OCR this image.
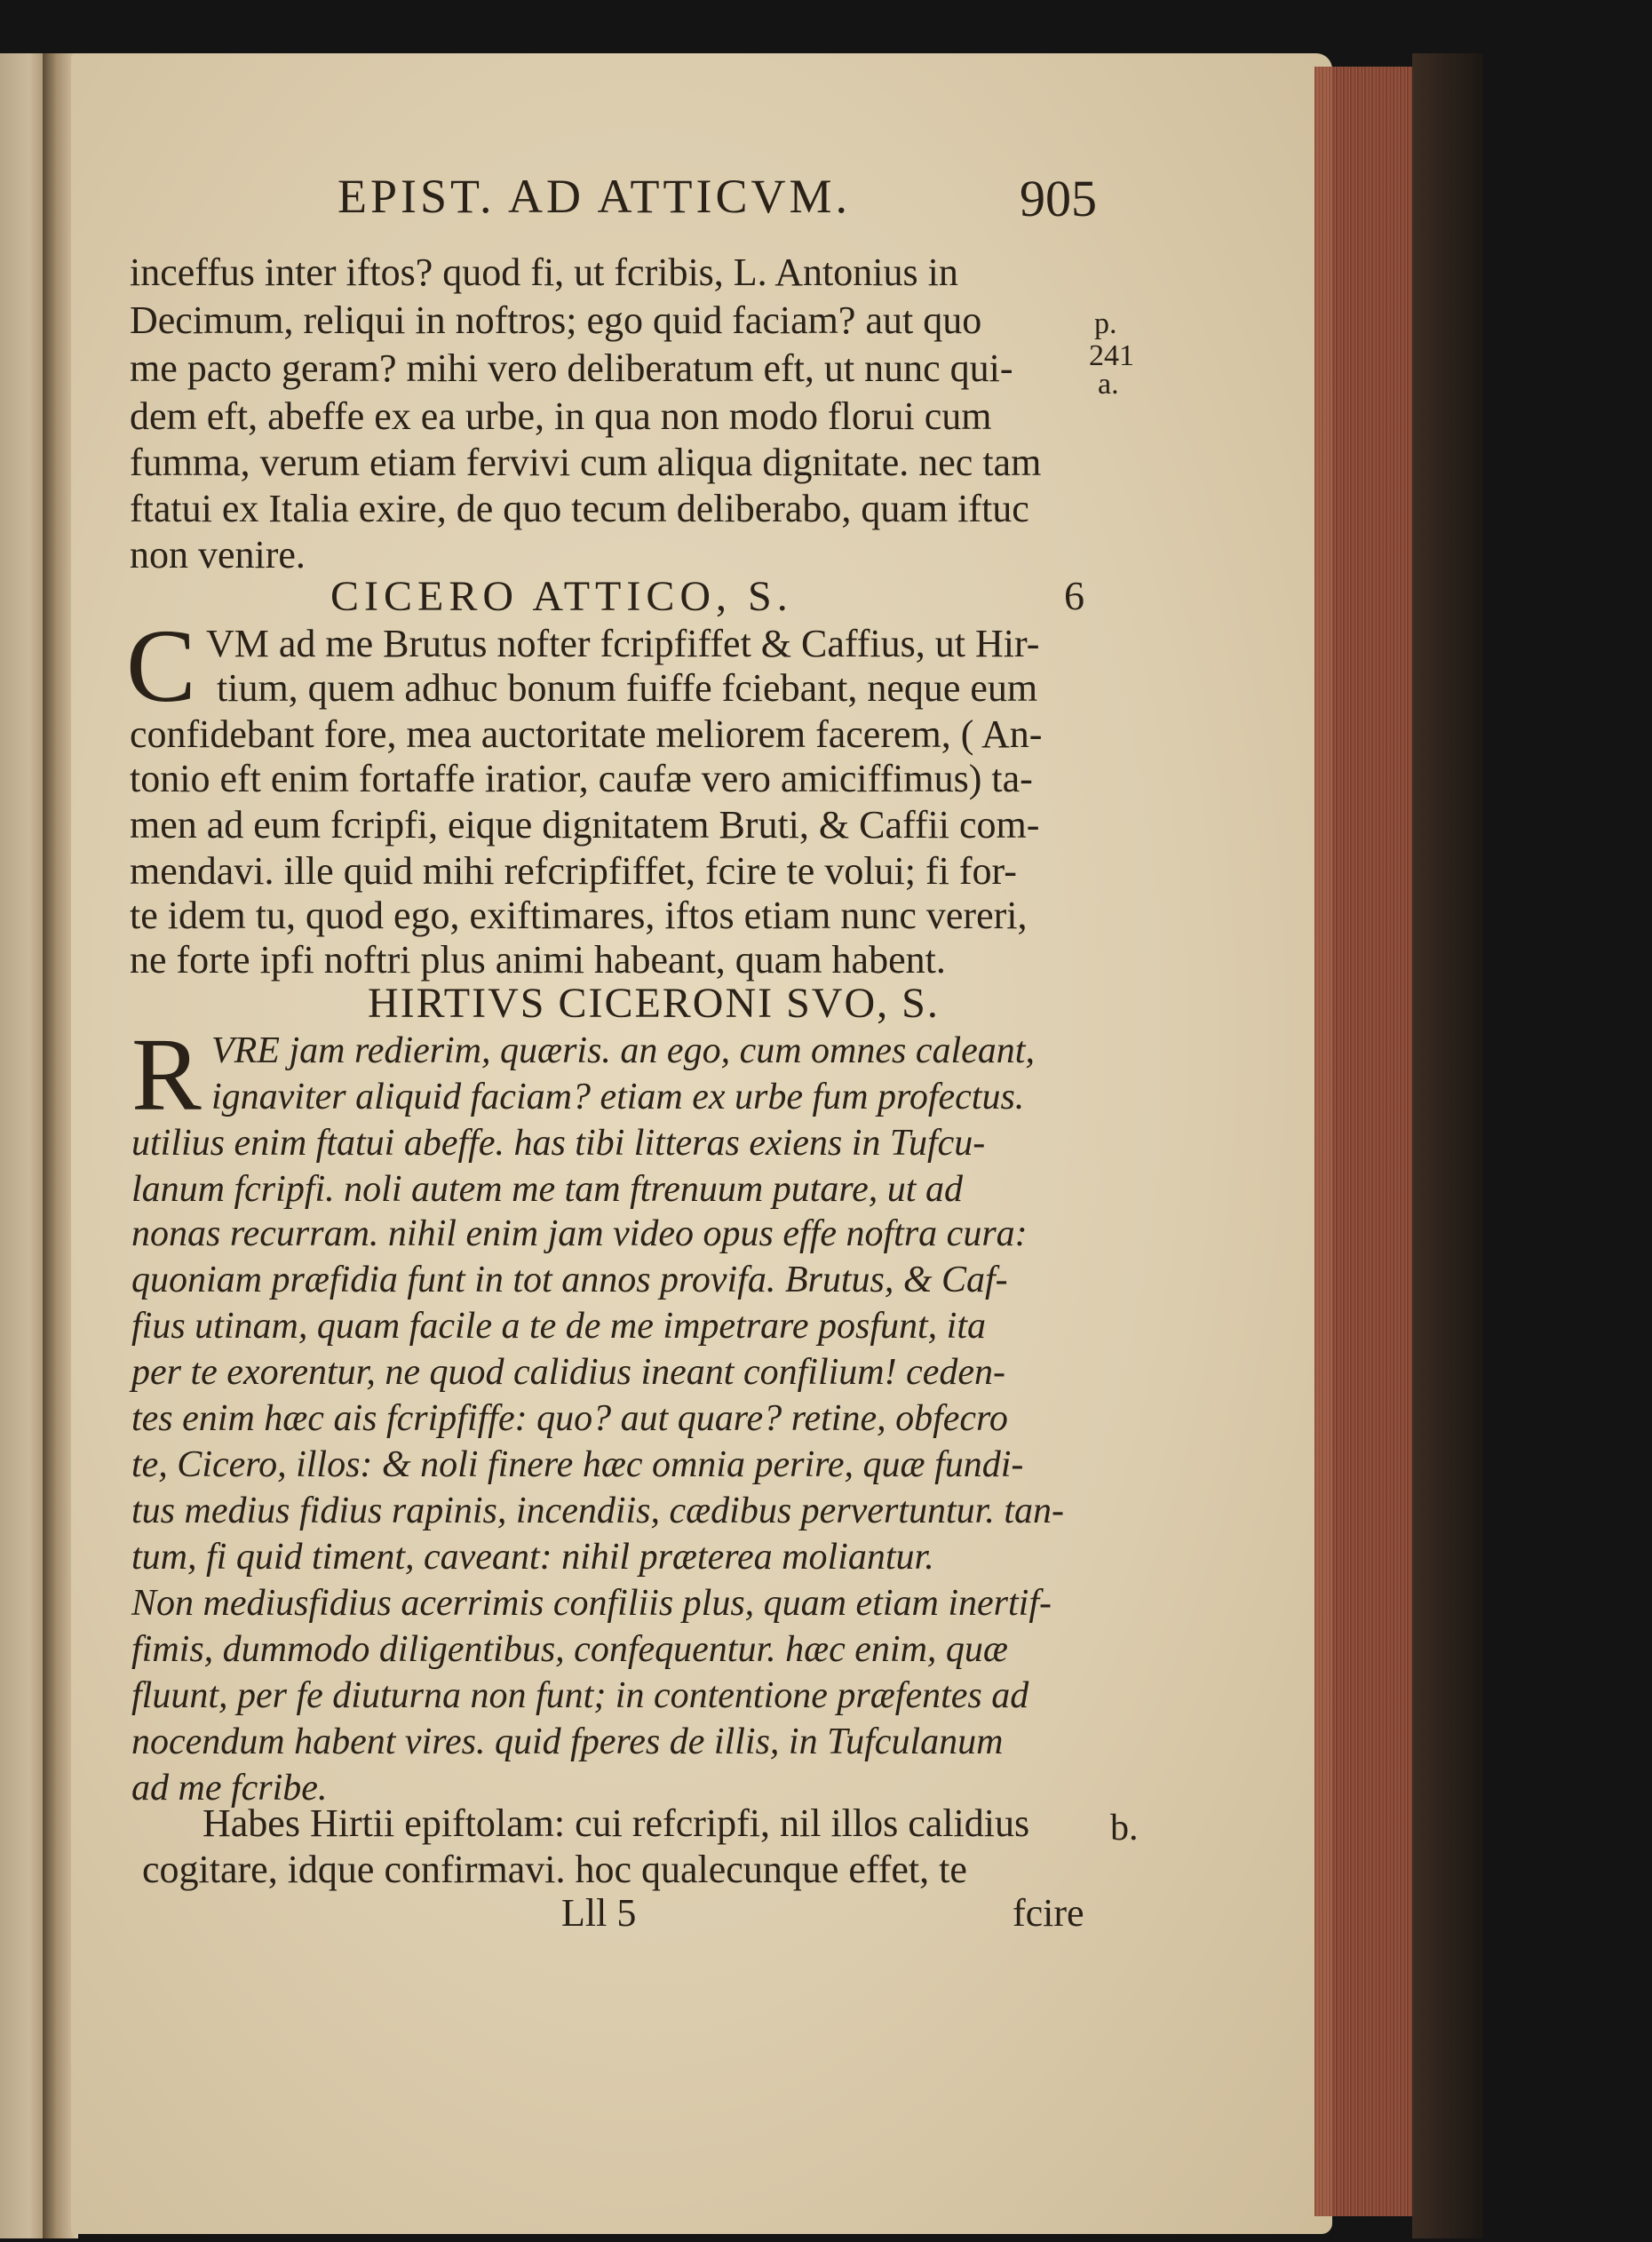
EPIST. AD ATTICVM.	905
inceffus inter iftos? quod fi, ut fcribis, L. Antonius in
Decimum, reliqui in noftros; ego quid faciam? aut quo
me pacto geram? mihi vero deliberatum eft, ut nunc qui-
dem eft, abeffe ex ea urbe, in qua non modo florui cum
fumma, verum etiam fervivi cum aliqua dignitate. nec tam
ftatui ex Italia exire, de quo tecum deliberabo, quam iftuc
non venire.
p.
241
a.
CICERO ATTICO, S.	6
C VM ad me Brutus nofter fcripfiffet & Caffius, ut Hir-
tium, quem adhuc bonum fuiffe fciebant, neque eum
confidebant fore, mea auctoritate meliorem facerem, ( An-
tonio eft enim fortaffe iratior, caufæ vero amiciffimus) ta-
men ad eum fcripfi, eique dignitatem Bruti, & Caffii com-
mendavi. ille quid mihi refcripfiffet, fcire te volui; fi for-
te idem tu, quod ego, exiftimares, iftos etiam nunc vereri,
ne forte ipfi noftri plus animi habeant, quam habent.
HIRTIVS CICERONI SVO, S.
R VRE jam redierim, quæris. an ego, cum omnes caleant,
ignaviter aliquid faciam? etiam ex urbe fum profectus.
utilius enim ftatui abeffe. has tibi litteras exiens in Tufcu-
lanum fcripfi. noli autem me tam ftrenuum putare, ut ad
nonas recurram. nihil enim jam video opus effe noftra cura:
quoniam præfidia funt in tot annos provifa. Brutus, & Caf-
fius utinam, quam facile a te de me impetrare posfunt, ita
per te exorentur, ne quod calidius ineant confilium! ceden-
tes enim hæc ais fcripfiffe: quo? aut quare? retine, obfecro
te, Cicero, illos: & noli finere hæc omnia perire, quæ fundi-
tus medius fidius rapinis, incendiis, cædibus pervertuntur. tan-
tum, fi quid timent, caveant: nihil præterea moliantur.
Non mediusfidius acerrimis confiliis plus, quam etiam inertif-
fimis, dummodo diligentibus, confequentur. hæc enim, quæ
fluunt, per fe diuturna non funt; in contentione præfentes ad
nocendum habent vires. quid fperes de illis, in Tufculanum
ad me fcribe.
Habes Hirtii epiftolam: cui refcripfi, nil illos calidius
cogitare, idque confirmavi. hoc qualecunque effet, te
b.
Lll 5	fcire
